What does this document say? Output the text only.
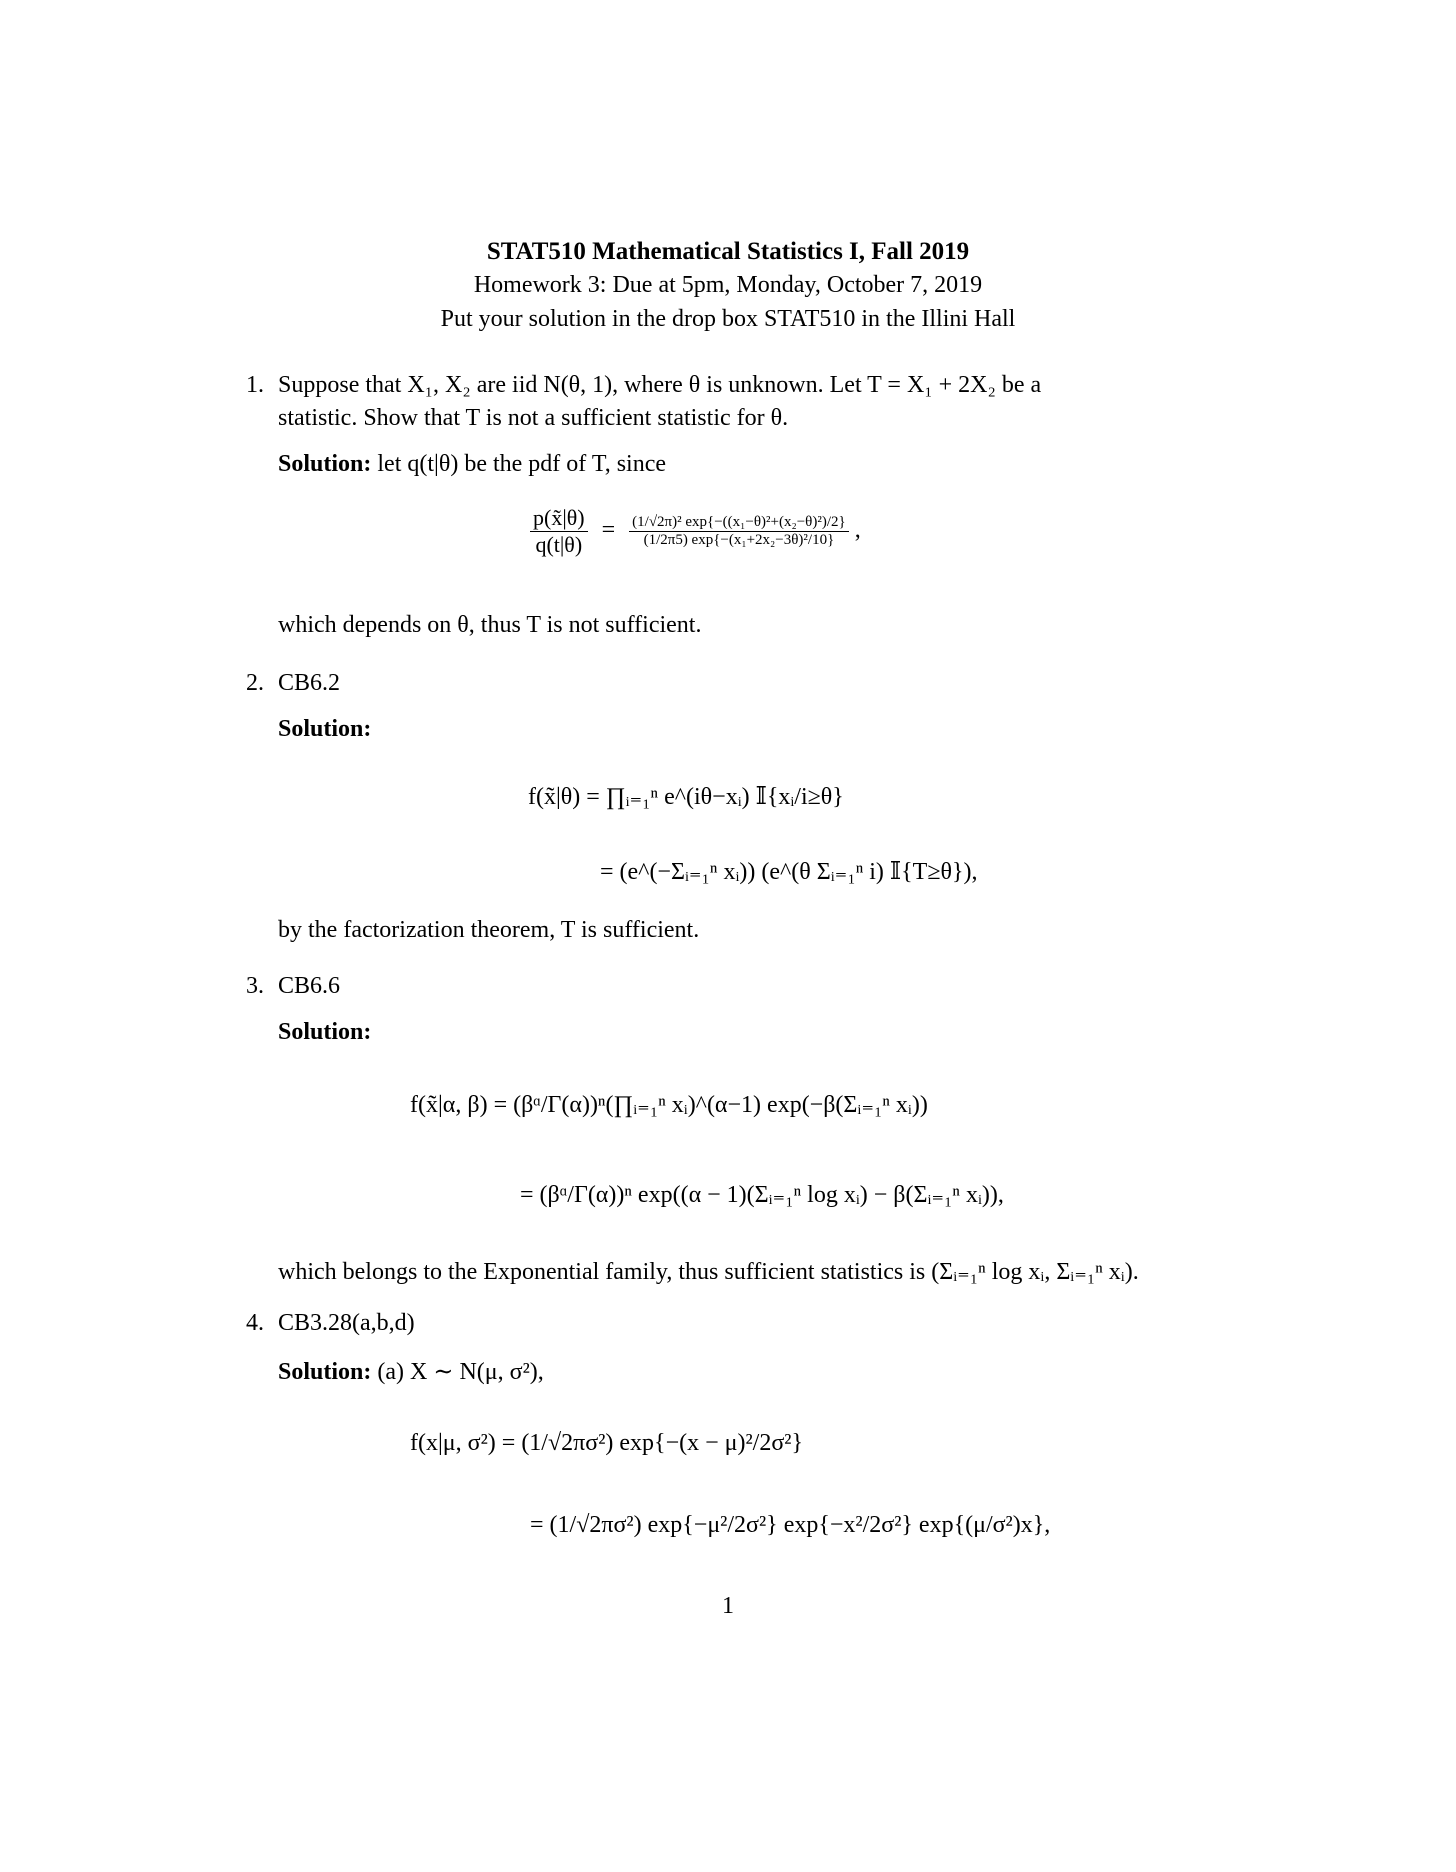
STAT510 Mathematical Statistics I, Fall 2019
Homework 3: Due at 5pm, Monday, October 7, 2019
Put your solution in the drop box STAT510 in the Illini Hall
1. Suppose that X₁, X₂ are iid N(θ, 1), where θ is unknown. Let T = X₁ + 2X₂ be a
statistic. Show that T is not a sufficient statistic for θ.
Solution: let q(t|θ) be the pdf of T, since
$\frac{p(x̃|\theta)}{q(t|\theta)} = \frac{\text{(1/√2π)² exp\{−((x₁−θ)²+(x₂−θ)²)/2\}}}{\text{(1/2π5) exp\{−(x₁+2x₂−3θ)²/10\}}}$ ,
which depends on θ, thus T is not sufficient.
2. CB6.2
Solution:
f(x̃|θ) = ∏ᵢ₌₁ⁿ e^(iθ−xᵢ) 𝕀{xᵢ/i≥θ}
= (e^(−Σᵢ₌₁ⁿ xᵢ)) (e^(θ Σᵢ₌₁ⁿ i) 𝕀{T≥θ}),
by the factorization theorem, T is sufficient.
3. CB6.6
Solution:
f(x̃|α, β) = (βᵅ/Γ(α))ⁿ(∏ᵢ₌₁ⁿ xᵢ)^(α−1) exp(−β(Σᵢ₌₁ⁿ xᵢ))
= (βᵅ/Γ(α))ⁿ exp((α − 1)(Σᵢ₌₁ⁿ log xᵢ) − β(Σᵢ₌₁ⁿ xᵢ)),
which belongs to the Exponential family, thus sufficient statistics is (Σᵢ₌₁ⁿ log xᵢ, Σᵢ₌₁ⁿ xᵢ).
4. CB3.28(a,b,d)
Solution: (a) X ∼ N(μ, σ²),
f(x|μ, σ²) = (1/√2πσ²) exp{−(x − μ)²/2σ²}
= (1/√2πσ²) exp{−μ²/2σ²} exp{−x²/2σ²} exp{(μ/σ²)x},
1
